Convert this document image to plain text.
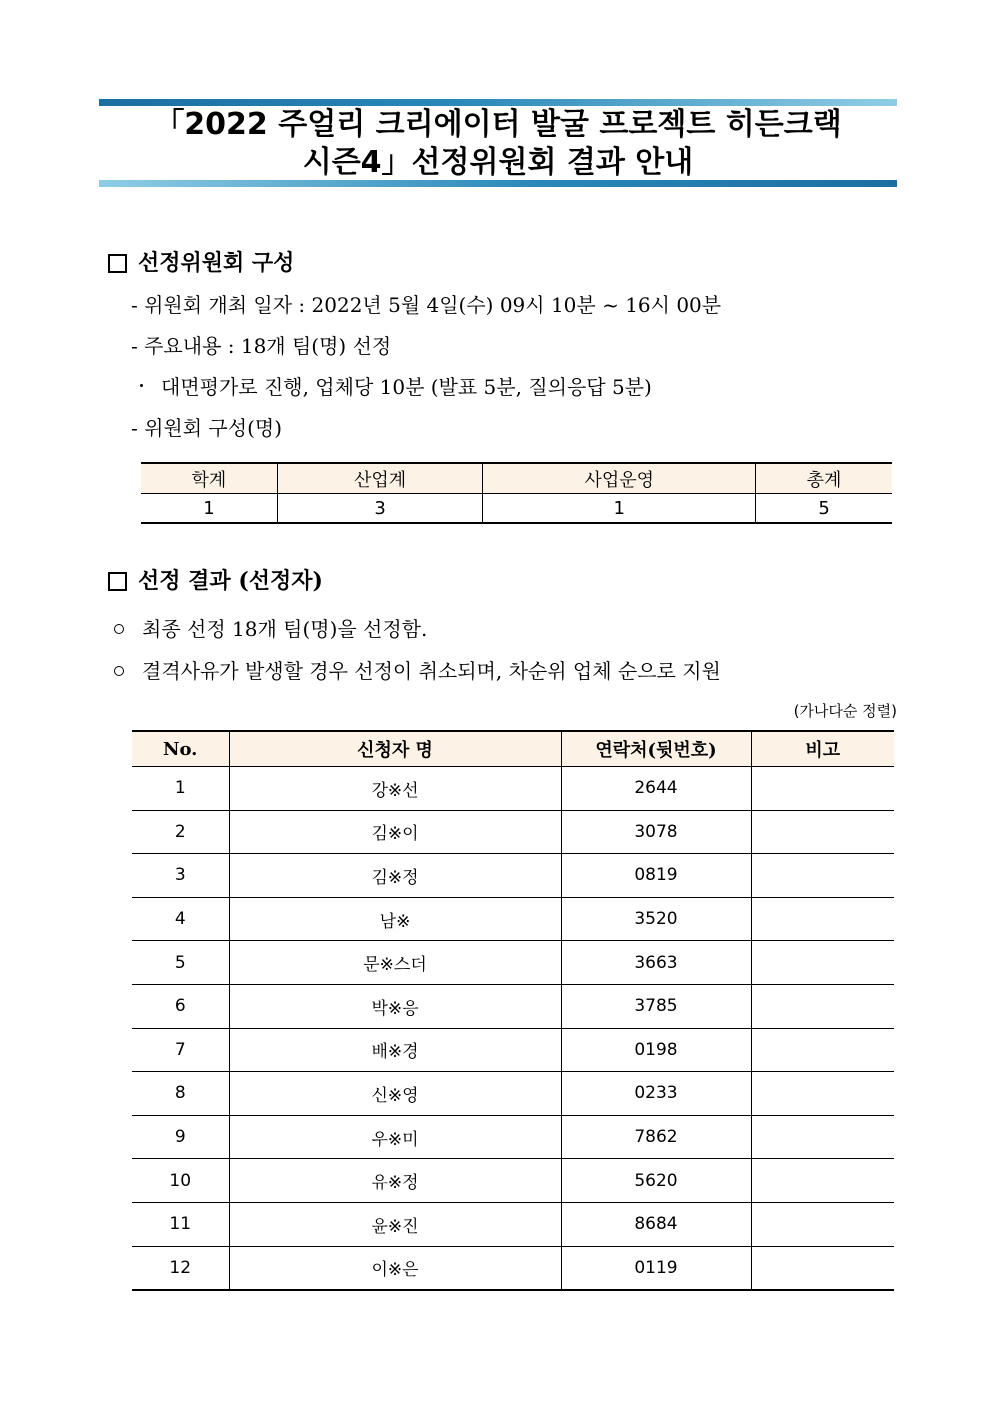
「2022 주얼리 크리에이터 발굴 프로젝트 히든크랙
시즌4」선정위원회 결과 안내
선정위원회 구성
- 위원회 개최 일자 : 2022년 5월 4일(수) 09시 10분 ~ 16시 00분
- 주요내용 : 18개 팀(명) 선정
대면평가로 진행, 업체당 10분 (발표 5분, 질의응답 5분)
- 위원회 구성(명)
학계	산업계	사업운영	총계
1	3	1	5
선정 결과 (선정자)
최종 선정 18개 팀(명)을 선정함.
결격사유가 발생할 경우 선정이 취소되며, 차순위 업체 순으로 지원
(가나다순 정렬)
No.	신청자 명	연락처(뒷번호)	비고
1	강※선	2644	
2	김※이	3078	
3	김※정	0819	
4	남※	3520	
5	문※스더	3663	
6	박※응	3785	
7	배※경	0198	
8	신※영	0233	
9	우※미	7862	
10	유※정	5620	
11	윤※진	8684	
12	이※은	0119	
